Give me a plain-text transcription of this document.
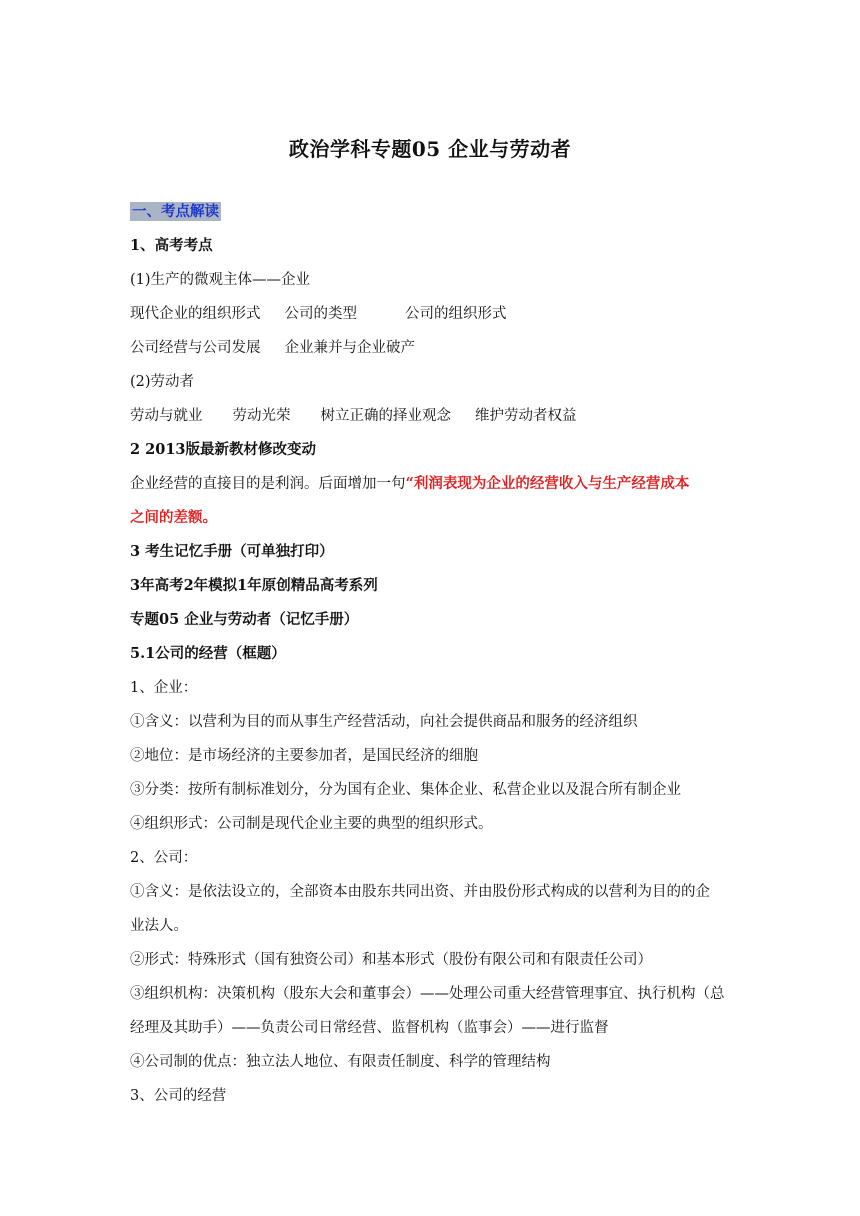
政治学科专题05 企业与劳动者
一、考点解读
1、高考考点
(1)生产的微观主体——企业
现代企业的组织形式 公司的类型	公司的组织形式
公司经营与公司发展 企业兼并与企业破产
(2)劳动者
劳动与就业 劳动光荣 树立正确的择业观念 维护劳动者权益
2 2013版最新教材修改变动
企业经营的直接目的是利润。后面增加一句“利润表现为企业的经营收入与生产经营成本
之间的差额。
3 考生记忆手册（可单独打印）
3年高考2年模拟1年原创精品高考系列
专题05 企业与劳动者（记忆手册）
5.1公司的经营（框题）
1、企业：
①含义：以营利为目的而从事生产经营活动，向社会提供商品和服务的经济组织
②地位：是市场经济的主要参加者，是国民经济的细胞
③分类：按所有制标准划分，分为国有企业、集体企业、私营企业以及混合所有制企业
④组织形式：公司制是现代企业主要的典型的组织形式。
2、公司：
①含义：是依法设立的，全部资本由股东共同出资、并由股份形式构成的以营利为目的的企
业法人。
②形式：特殊形式（国有独资公司）和基本形式（股份有限公司和有限责任公司）
③组织机构：决策机构（股东大会和董事会）——处理公司重大经营管理事宜、执行机构（总
经理及其助手）——负责公司日常经营、监督机构（监事会）——进行监督
④公司制的优点：独立法人地位、有限责任制度、科学的管理结构
3、公司的经营
